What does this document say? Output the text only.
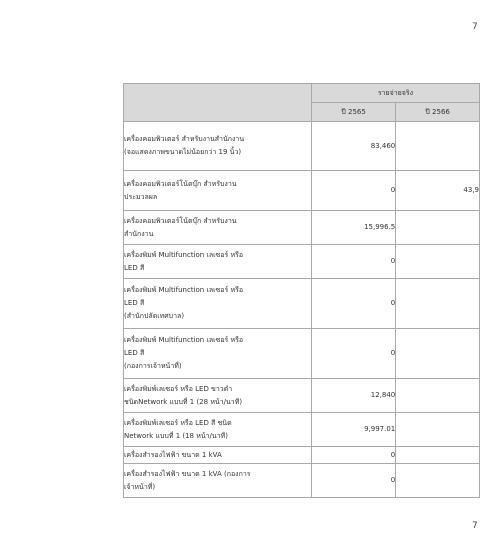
7
	รายจ่ายจริง	
	ปี 2565	ปี 2566

เครื่องคอมพิวเตอร์ สำหรับงานสำนักงาน
(จอแสดงภาพขนาดไม่น้อยกว่า 19 นิ้ว)	83,460	

เครื่องคอมพิวเตอร์โน้ตบุ๊ก สำหรับงาน
ประมวลผล	0	43,9

เครื่องคอมพิวเตอร์โน้ตบุ๊ก สำหรับงาน
สำนักงาน	15,996.5	

เครื่องพิมพ์ Multifunction เลเซอร์ หรือ
LED สี	0	

เครื่องพิมพ์ Multifunction เลเซอร์ หรือ
LED สี
(สำนักปลัดเทศบาล)	0	

เครื่องพิมพ์ Multifunction เลเซอร์ หรือ
LED สี
(กองการเจ้าหน้าที่)	0	

เครื่องพิมพ์เลเซอร์ หรือ LED ขาวดำ
ชนิดNetwork แบบที่ 1 (28 หน้า/นาที)	12,840	

เครื่องพิมพ์เลเซอร์ หรือ LED สี ชนิด
Network แบบที่ 1 (18 หน้า/นาที)	9,997.01	

เครื่องสำรองไฟฟ้า ขนาด 1 kVA	0	

เครื่องสำรองไฟฟ้า ขนาด 1 kVA (กองการ
เจ้าหน้าที่)	0	
7
